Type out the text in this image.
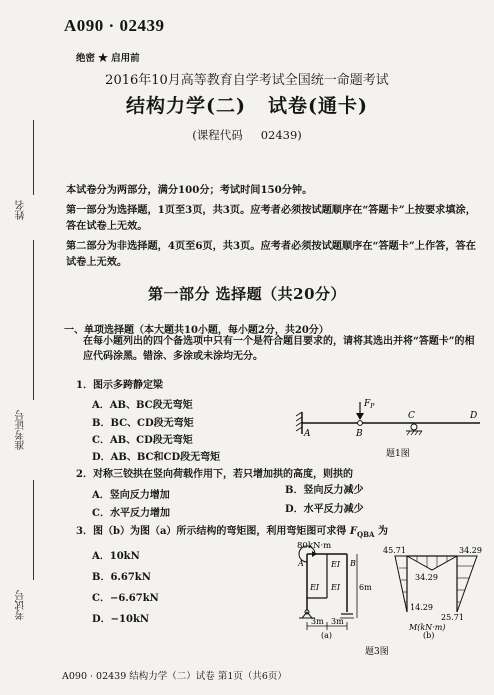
姓名
准考证号
考试号
A090 · 02439
绝密 ★ 启用前
2016年10月高等教育自学考试全国统一命题考试
结构力学(二) 试卷(通卡)
(课程代码 02439)

本试卷分为两部分，满分100分；考试时间150分钟。

第一部分为选择题，1页至3页，共3页。应考者必须按试题顺序在“答题卡”上按要求填涂，答在试卷上无效。

第二部分为非选择题，4页至6页，共3页。应考者必须按试题顺序在“答题卡”上作答，答在试卷上无效。

第一部分 选择题（共20分）
一、单项选择题（本大题共10小题，每小题2分，共20分）
在每小题列出的四个备选项中只有一个是符合题目要求的，请将其选出并将“答题卡”的相应代码涂黑。错涂、多涂或未涂均无分。
1．图示多跨静定梁
A．AB、BC段无弯矩
B．BC、CD段无弯矩
C．AB、CD段无弯矩
D．AB、BC和CD段无弯矩
$F_P$
A	B
C	D
题1图
2．对称三铰拱在竖向荷载作用下，若只增加拱的高度，则拱的
A．竖向反力增加	B．竖向反力减少
C．水平反力增加	D．水平反力减少
3．图（b）为图（a）所示结构的弯矩图，利用弯矩图可求得 $F_{QBA}$ 为
A．10kN
B．6.67kN
C．−6.67kN
D．−10kN
80kN·m
EI
EI EI
A	B
6m
3m 3m
(a)
45.71	34.29
34.29
14.29
25.71
M(kN·m)
(b)
题3图
A090 · 02439 结构力学（二）试卷 第1页（共6页）
